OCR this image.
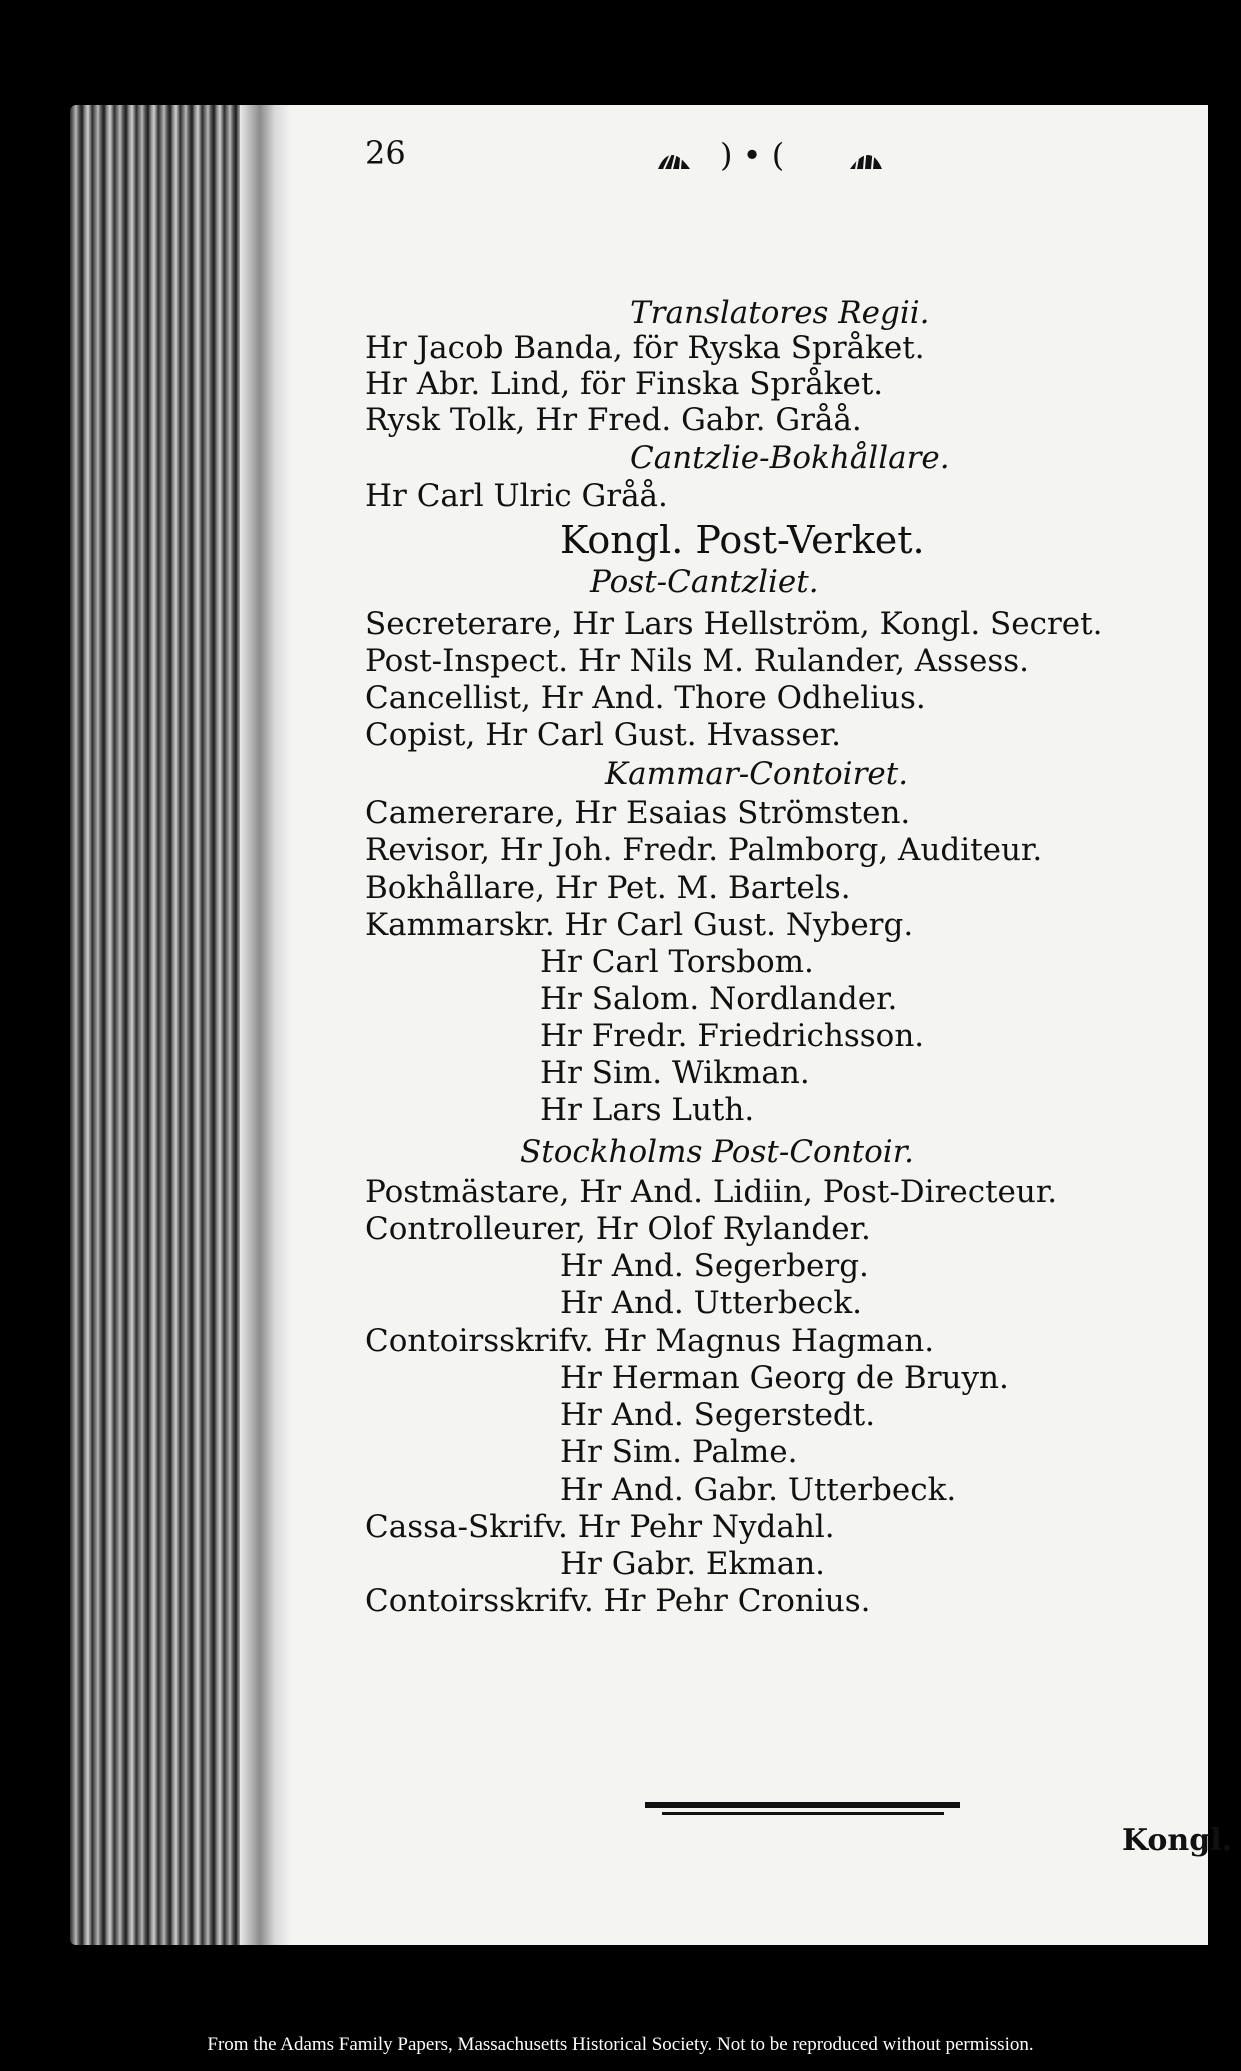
26	) • (
Translatores Regii.
Hr Jacob Banda, för Ryska Språket.
Hr Abr. Lind, för Finska Språket.
Rysk Tolk, Hr Fred. Gabr. Gråå.
Cantzlie-Bokhållare.
Hr Carl Ulric Gråå.
Kongl. Post-Verket.
Post-Cantzliet.
Secreterare, Hr Lars Hellström, Kongl. Secret.
Post-Inspect. Hr Nils M. Rulander, Assess.
Cancellist, Hr And. Thore Odhelius.
Copist, Hr Carl Gust. Hvasser.
Kammar-Contoiret.
Camererare, Hr Esaias Strömsten.
Revisor, Hr Joh. Fredr. Palmborg, Auditeur.
Bokhållare, Hr Pet. M. Bartels.
Kammarskr. Hr Carl Gust. Nyberg.
Hr Carl Torsbom.
Hr Salom. Nordlander.
Hr Fredr. Friedrichsson.
Hr Sim. Wikman.
Hr Lars Luth.
Stockholms Post-Contoir.
Postmästare, Hr And. Lidiin, Post-Directeur.
Controlleurer, Hr Olof Rylander.
Hr And. Segerberg.
Hr And. Utterbeck.
Contoirsskrifv. Hr Magnus Hagman.
Hr Herman Georg de Bruyn.
Hr And. Segerstedt.
Hr Sim. Palme.
Hr And. Gabr. Utterbeck.
Cassa-Skrifv. Hr Pehr Nydahl.
Hr Gabr. Ekman.
Contoirsskrifv. Hr Pehr Cronius.
Kongl.
From the Adams Family Papers, Massachusetts Historical Society. Not to be reproduced without permission.
